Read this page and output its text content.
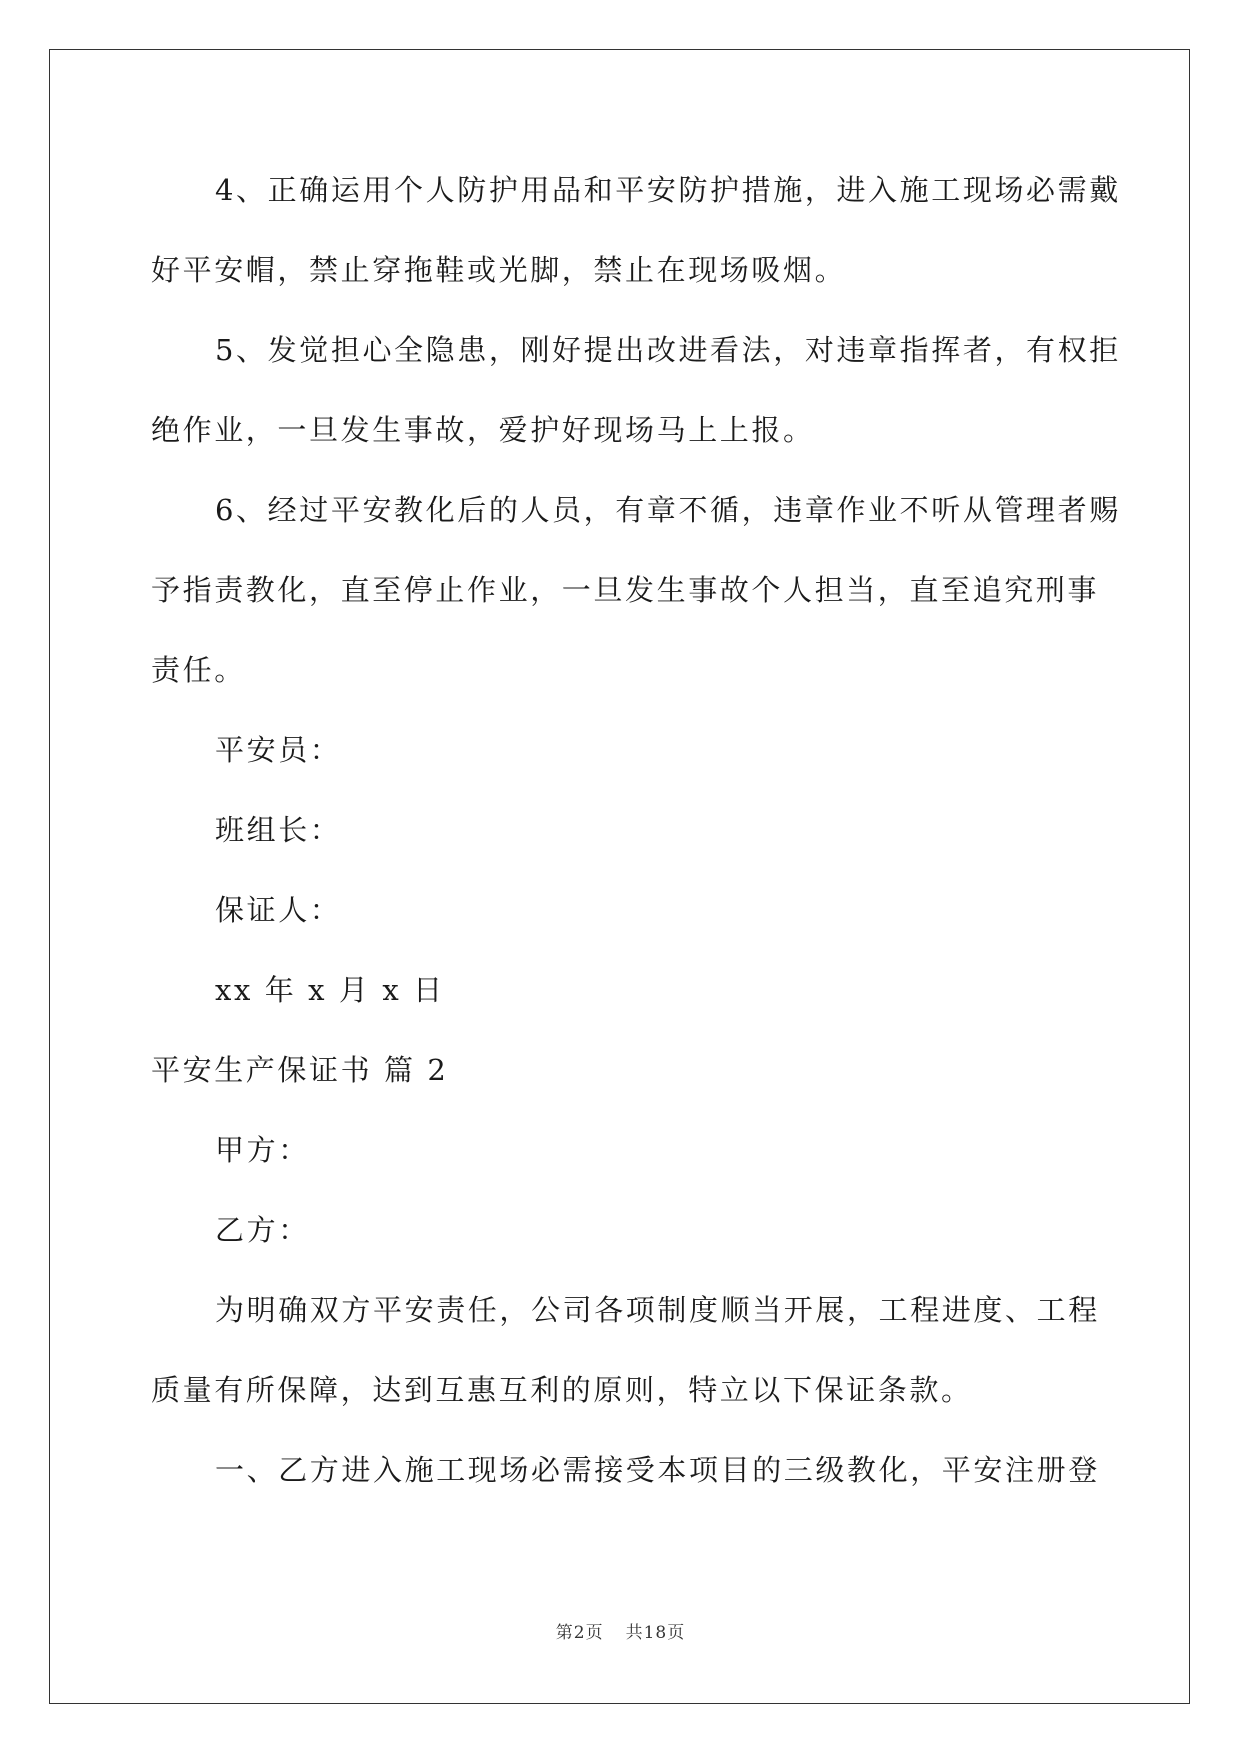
4、正确运用个人防护用品和平安防护措施，进入施工现场必需戴
好平安帽，禁止穿拖鞋或光脚，禁止在现场吸烟。
5、发觉担心全隐患，刚好提出改进看法，对违章指挥者，有权拒
绝作业，一旦发生事故，爱护好现场马上上报。
6、经过平安教化后的人员，有章不循，违章作业不听从管理者赐
予指责教化，直至停止作业，一旦发生事故个人担当，直至追究刑事
责任。
平安员：
班组长：
保证人：
xx 年 x 月 x 日
平安生产保证书 篇 2
甲方：
乙方：
为明确双方平安责任，公司各项制度顺当开展，工程进度、工程
质量有所保障，达到互惠互利的原则，特立以下保证条款。
一、乙方进入施工现场必需接受本项目的三级教化，平安注册登
第2页 共18页
